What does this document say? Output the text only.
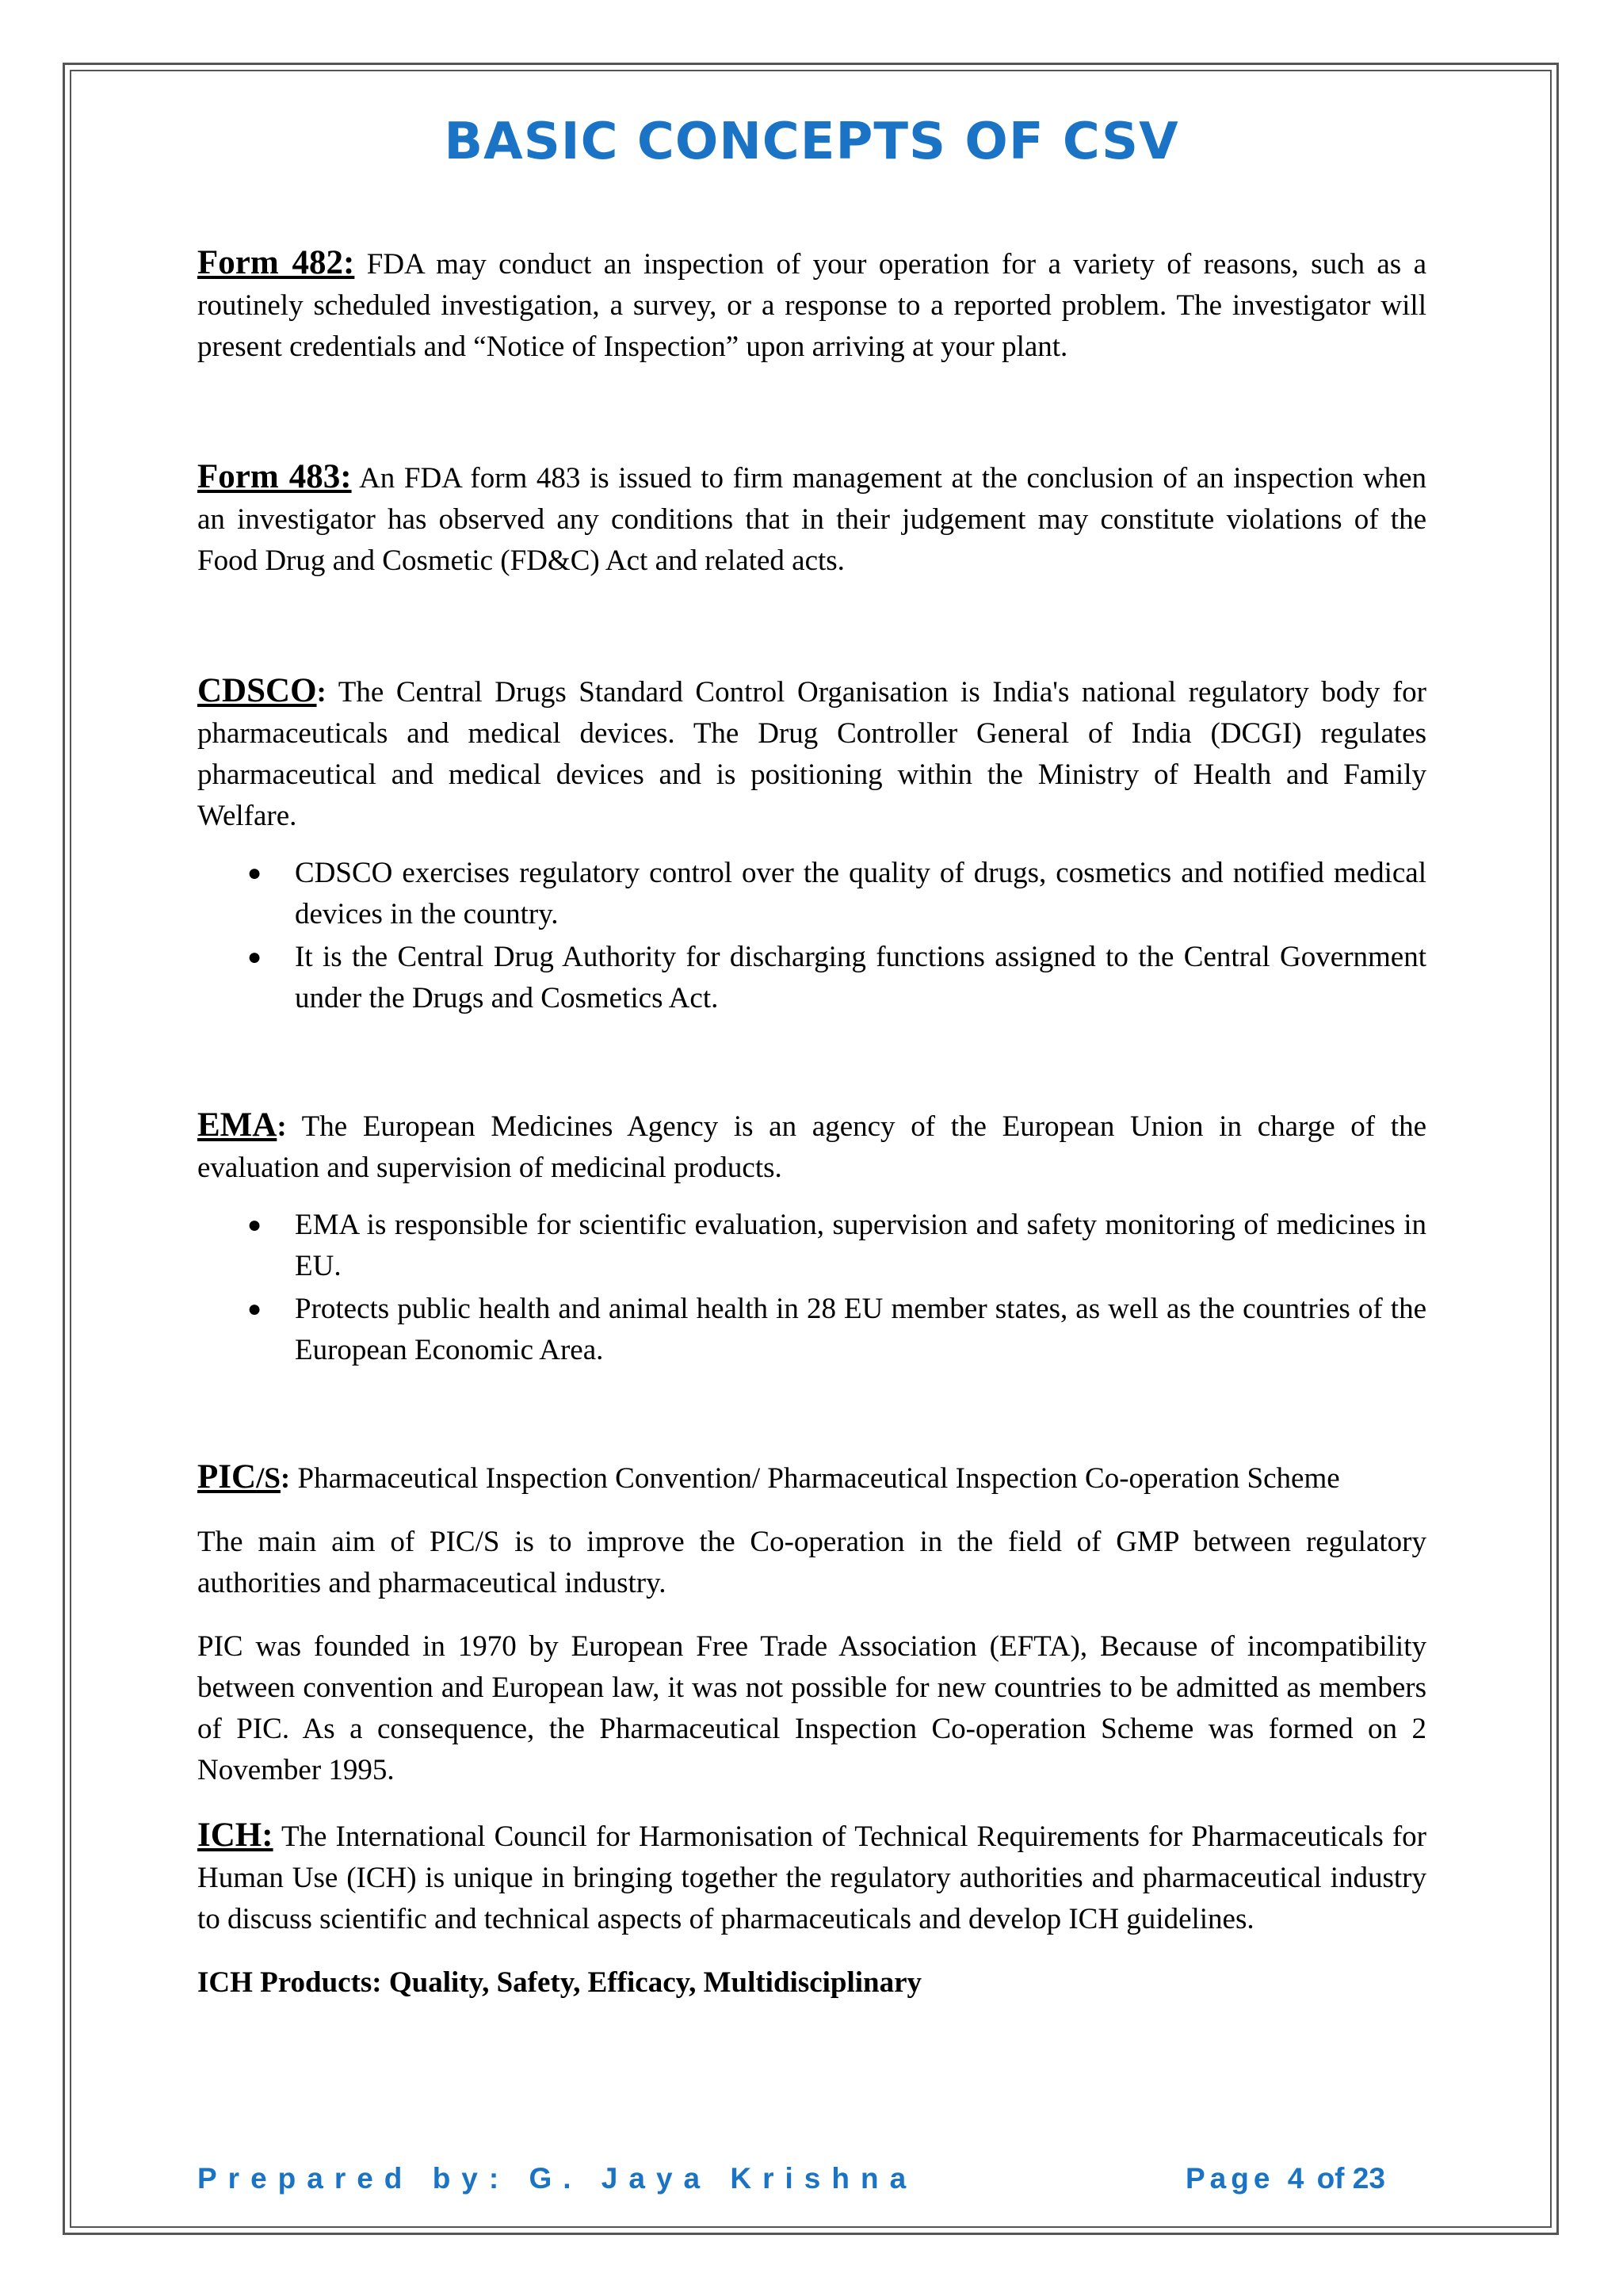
BASIC CONCEPTS OF CSV

Form 482: FDA may conduct an inspection of your operation for a variety of reasons, such as a routinely scheduled investigation, a survey, or a response to a reported problem. The investigator will present credentials and “Notice of Inspection” upon arriving at your plant.

Form 483: An FDA form 483 is issued to firm management at the conclusion of an inspection when an investigator has observed any conditions that in their judgement may constitute violations of the Food Drug and Cosmetic (FD&C) Act and related acts.

CDSCO: The Central Drugs Standard Control Organisation is India's national regulatory body for pharmaceuticals and medical devices. The Drug Controller General of India (DCGI) regulates pharmaceutical and medical devices and is positioning within the Ministry of Health and Family Welfare.

● CDSCO exercises regulatory control over the quality of drugs, cosmetics and notified medical devices in the country.
● It is the Central Drug Authority for discharging functions assigned to the Central Government under the Drugs and Cosmetics Act.

EMA: The European Medicines Agency is an agency of the European Union in charge of the evaluation and supervision of medicinal products.

● EMA is responsible for scientific evaluation, supervision and safety monitoring of medicines in EU.
● Protects public health and animal health in 28 EU member states, as well as the countries of the European Economic Area.

PIC/S: Pharmaceutical Inspection Convention/ Pharmaceutical Inspection Co-operation Scheme

The main aim of PIC/S is to improve the Co-operation in the field of GMP between regulatory authorities and pharmaceutical industry.

PIC was founded in 1970 by European Free Trade Association (EFTA), Because of incompatibility between convention and European law, it was not possible for new countries to be admitted as members of PIC. As a consequence, the Pharmaceutical Inspection Co-operation Scheme was formed on 2 November 1995.

ICH: The International Council for Harmonisation of Technical Requirements for Pharmaceuticals for Human Use (ICH) is unique in bringing together the regulatory authorities and pharmaceutical industry to discuss scientific and technical aspects of pharmaceuticals and develop ICH guidelines.

ICH Products: Quality, Safety, Efficacy, Multidisciplinary

Prepared by: G. Jaya Krishna	Page 4 of 23
